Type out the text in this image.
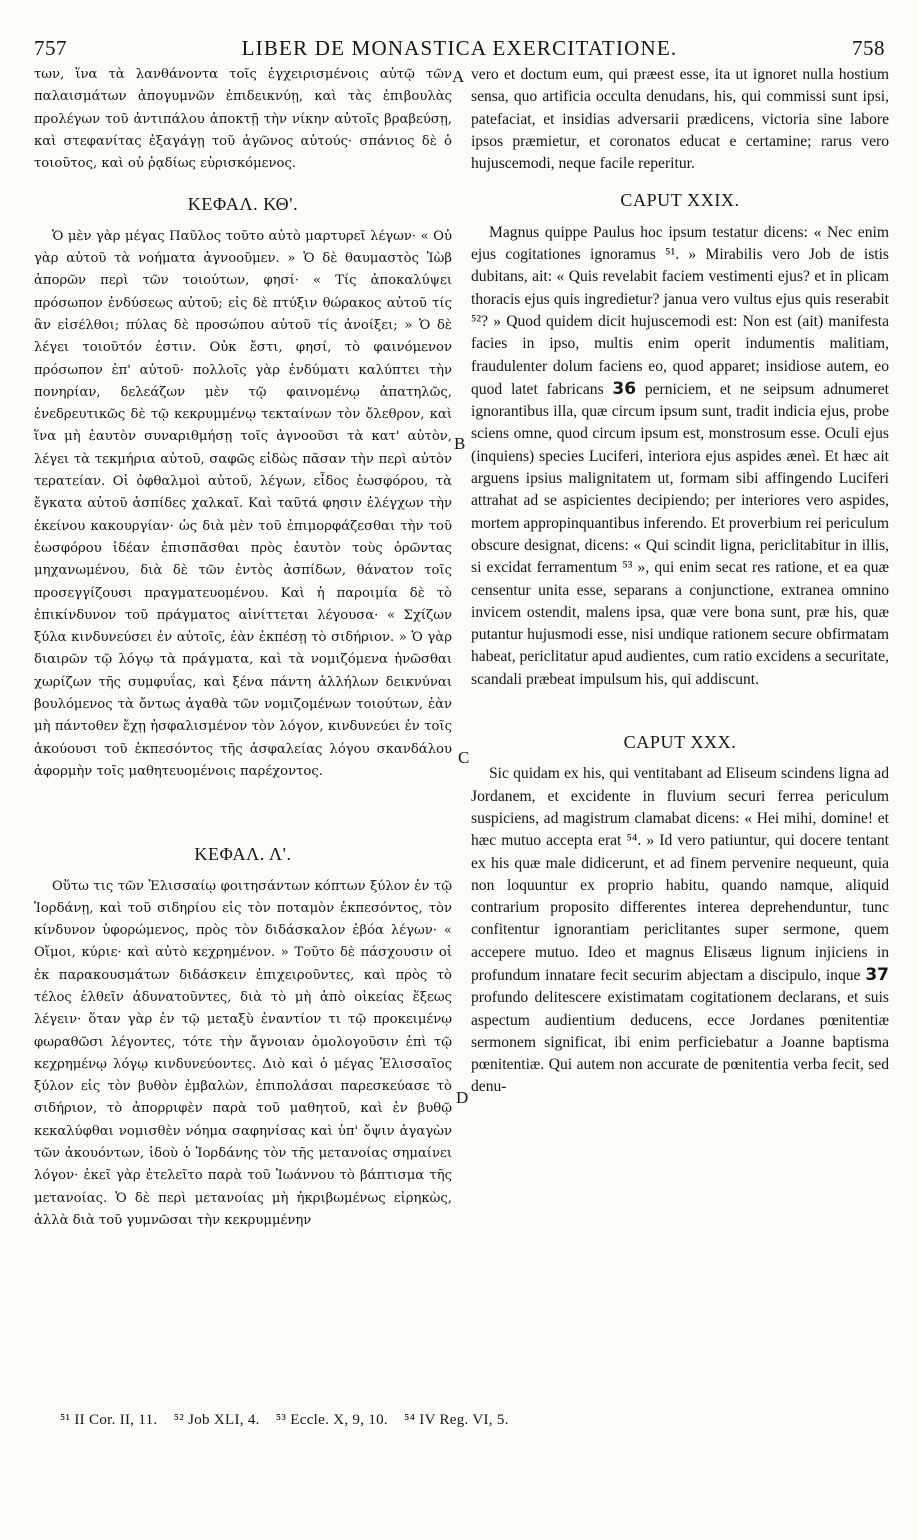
757	LIBER DE MONASTICA EXERCITATIONE.	758

των, ἵνα τὰ λανθάνοντα τοῖς ἐγχειρισμένοις αὐτῷ τῶν παλαισμάτων ἀπογυμνῶν ἐπιδεικνύῃ, καὶ τὰς ἐπιβουλὰς προλέγων τοῦ ἀντιπάλου ἀποκτῇ τὴν νίκην αὐτοῖς βραβεύσῃ, καὶ στεφανίτας ἐξαγάγῃ τοῦ ἀγῶνος αὐτούς· σπάνιος δὲ ὁ τοιοῦτος, καὶ οὐ ῥᾳδίως εὑρισκόμενος.

ΚΕΦΑΛ. ΚΘ'.

Ὁ μὲν γὰρ μέγας Παῦλος τοῦτο αὐτὸ μαρτυρεῖ λέγων· « Οὐ γὰρ αὐτοῦ τὰ νοήματα ἀγνοοῦμεν. » Ὁ δὲ θαυμαστὸς Ἰὼβ ἀπορῶν περὶ τῶν τοιούτων, φησί· « Τίς ἀποκαλύψει πρόσωπον ἐνδύσεως αὐτοῦ; εἰς δὲ πτύξιν θώρακος αὐτοῦ τίς ἂν εἰσέλθοι; πύλας δὲ προσώπου αὐτοῦ τίς ἀνοίξει; » Ὁ δὲ λέγει τοιοῦτόν ἐστιν. Οὐκ ἔστι, φησί, τὸ φαινόμενον πρόσωπον ἐπ' αὐτοῦ· πολλοῖς γὰρ ἐνδύματι καλύπτει τὴν πονηρίαν, δελεάζων μὲν τῷ φαινομένῳ ἀπατηλῶς, ἐνεδρευτικῶς δὲ τῷ κεκρυμμένῳ τεκταίνων τὸν ὄλεθρον, καὶ ἵνα μὴ ἑαυτὸν συναριθμήσῃ τοῖς ἀγνοοῦσι τὰ κατ' αὐτὸν, λέγει τὰ τεκμήρια αὐτοῦ, σαφῶς εἰδὼς πᾶσαν τὴν περὶ αὐτὸν τερατείαν. Οἱ ὀφθαλμοὶ αὐτοῦ, λέγων, εἶδος ἑωσφόρου, τὰ ἔγκατα αὐτοῦ ἀσπίδες χαλκαῖ. Καὶ ταῦτά φησιν ἐλέγχων τὴν ἐκείνου κακουργίαν· ὡς διὰ μὲν τοῦ ἐπιμορφάζεσθαι τὴν τοῦ ἑωσφόρου ἰδέαν ἐπισπᾶσθαι πρὸς ἑαυτὸν τοὺς ὁρῶντας μηχανωμένου, διὰ δὲ τῶν ἐντὸς ἀσπίδων, θάνατον τοῖς προσεγγίζουσι πραγματευομένου. Καὶ ἡ παροιμία δὲ τὸ ἐπικίνδυνον τοῦ πράγματος αἰνίττεται λέγουσα· « Σχίζων ξύλα κινδυνεύσει ἐν αὐτοῖς, ἐὰν ἐκπέσῃ τὸ σιδήριον. » Ὁ γὰρ διαιρῶν τῷ λόγῳ τὰ πράγματα, καὶ τὰ νομιζόμενα ἡνῶσθαι χωρίζων τῆς συμφυΐας, καὶ ξένα πάντη ἀλλήλων δεικνύναι βουλόμενος τὰ ὄντως ἀγαθὰ τῶν νομιζομένων τοιούτων, ἐὰν μὴ πάντοθεν ἔχῃ ἠσφαλισμένον τὸν λόγον, κινδυνεύει ἐν τοῖς ἀκούουσι τοῦ ἐκπεσόντος τῆς ἀσφαλείας λόγου σκανδάλου ἀφορμὴν τοῖς μαθητευομένοις παρέχοντος.

ΚΕΦΑΛ. Λ'.

Οὕτω τις τῶν Ἐλισσαίῳ φοιτησάντων κόπτων ξύλον ἐν τῷ Ἰορδάνῃ, καὶ τοῦ σιδηρίου εἰς τὸν ποταμὸν ἐκπεσόντος, τὸν κίνδυνον ὑφορώμενος, πρὸς τὸν διδάσκαλον ἐβόα λέγων· « Οἴμοι, κύριε· καὶ αὐτὸ κεχρημένον. » Τοῦτο δὲ πάσχουσιν οἱ ἐκ παρακουσμάτων διδάσκειν ἐπιχειροῦντες, καὶ πρὸς τὸ τέλος ἐλθεῖν ἀδυνατοῦντες, διὰ τὸ μὴ ἀπὸ οἰκείας ἕξεως λέγειν· ὅταν γὰρ ἐν τῷ μεταξὺ ἐναντίον τι τῷ προκειμένῳ φωραθῶσι λέγοντες, τότε τὴν ἄγνοιαν ὁμολογοῦσιν ἐπὶ τῷ κεχρημένῳ λόγῳ κινδυνεύοντες. Διὸ καὶ ὁ μέγας Ἐλισσαῖος ξύλον εἰς τὸν βυθὸν ἐμβαλὼν, ἐπιπολάσαι παρεσκεύασε τὸ σιδήριον, τὸ ἀπορριφὲν παρὰ τοῦ μαθητοῦ, καὶ ἐν βυθῷ κεκαλύφθαι νομισθὲν νόημα σαφηνίσας καὶ ὑπ' ὄψιν ἀγαγὼν τῶν ἀκουόντων, ἰδοὺ ὁ Ἰορδάνης τὸν τῆς μετανοίας σημαίνει λόγον· ἐκεῖ γὰρ ἐτελεῖτο παρὰ τοῦ Ἰωάννου τὸ βάπτισμα τῆς μετανοίας. Ὁ δὲ περὶ μετανοίας μὴ ἠκριβωμένως εἰρηκὼς, ἀλλὰ διὰ τοῦ γυμνῶσαι τὴν κεκρυμμένην

A
B
C
D

vero et doctum eum, qui præest esse, ita ut ignoret nulla hostium sensa, quo artificia occulta denudans, his, qui commissi sunt ipsi, patefaciat, et insidias adversarii prædicens, victoria sine labore ipsos præmietur, et coronatos educat e certamine; rarus vero hujuscemodi, neque facile reperitur.

CAPUT XXIX.

Magnus quippe Paulus hoc ipsum testatur dicens: « Nec enim ejus cogitationes ignoramus ⁵¹. » Mirabilis vero Job de istis dubitans, ait: « Quis revelabit faciem vestimenti ejus? et in plicam thoracis ejus quis ingredietur? janua vero vultus ejus quis reserabit ⁵²? » Quod quidem dicit hujuscemodi est: Non est (ait) manifesta facies in ipso, multis enim operit indumentis malitiam, fraudulenter dolum faciens eo, quod apparet; insidiose autem, eo quod latet fabricans 36 perniciem, et ne seipsum adnumeret ignorantibus illa, quæ circum ipsum sunt, tradit indicia ejus, probe sciens omne, quod circum ipsum est, monstrosum esse. Oculi ejus (inquiens) species Luciferi, interiora ejus aspides æneì. Et hæc ait arguens ipsius malignitatem ut, formam sibi affingendo Luciferi attrahat ad se aspicientes decipiendo; per interiores vero aspides, mortem appropinquantibus inferendo. Et proverbium rei periculum obscure designat, dicens: « Qui scindit ligna, periclitabitur in illis, si excidat ferramentum ⁵³ », qui enim secat res ratione, et ea quæ censentur unita esse, separans a conjunctione, extranea omnino invicem ostendit, malens ipsa, quæ vere bona sunt, præ his, quæ putantur hujusmodi esse, nisi undique rationem secure obfirmatam habeat, periclitatur apud audientes, cum ratio excidens a securitate, scandali præbeat impulsum his, qui addiscunt.

CAPUT XXX.

Sic quidam ex his, qui ventitabant ad Eliseum scindens ligna ad Jordanem, et excidente in fluvium securi ferrea periculum suspiciens, ad magistrum clamabat dicens: « Hei mihi, domine! et hæc mutuo accepta erat ⁵⁴. » Id vero patiuntur, qui docere tentant ex his quæ male didicerunt, et ad finem pervenire nequeunt, quia non loquuntur ex proprio habitu, quando namque, aliquid contrarium proposito differentes interea deprehenduntur, tunc confitentur ignorantiam periclitantes super sermone, quem accepere mutuo. Ideo et magnus Elisæus lignum injiciens in profundum innatare fecit securim abjectam a discipulo, inque 37 profundo delitescere existimatam cogitationem declarans, et suis aspectum audientium deducens, ecce Jordanes pœnitentiæ sermonem significat, ibi enim perficiebatur a Joanne baptisma pœnitentiæ. Qui autem non accurate de pœnitentia verba fecit, sed denu-

⁵¹ II Cor. II, 11. ⁵² Job XLI, 4. ⁵³ Eccle. X, 9, 10. ⁵⁴ IV Reg. VI, 5.
